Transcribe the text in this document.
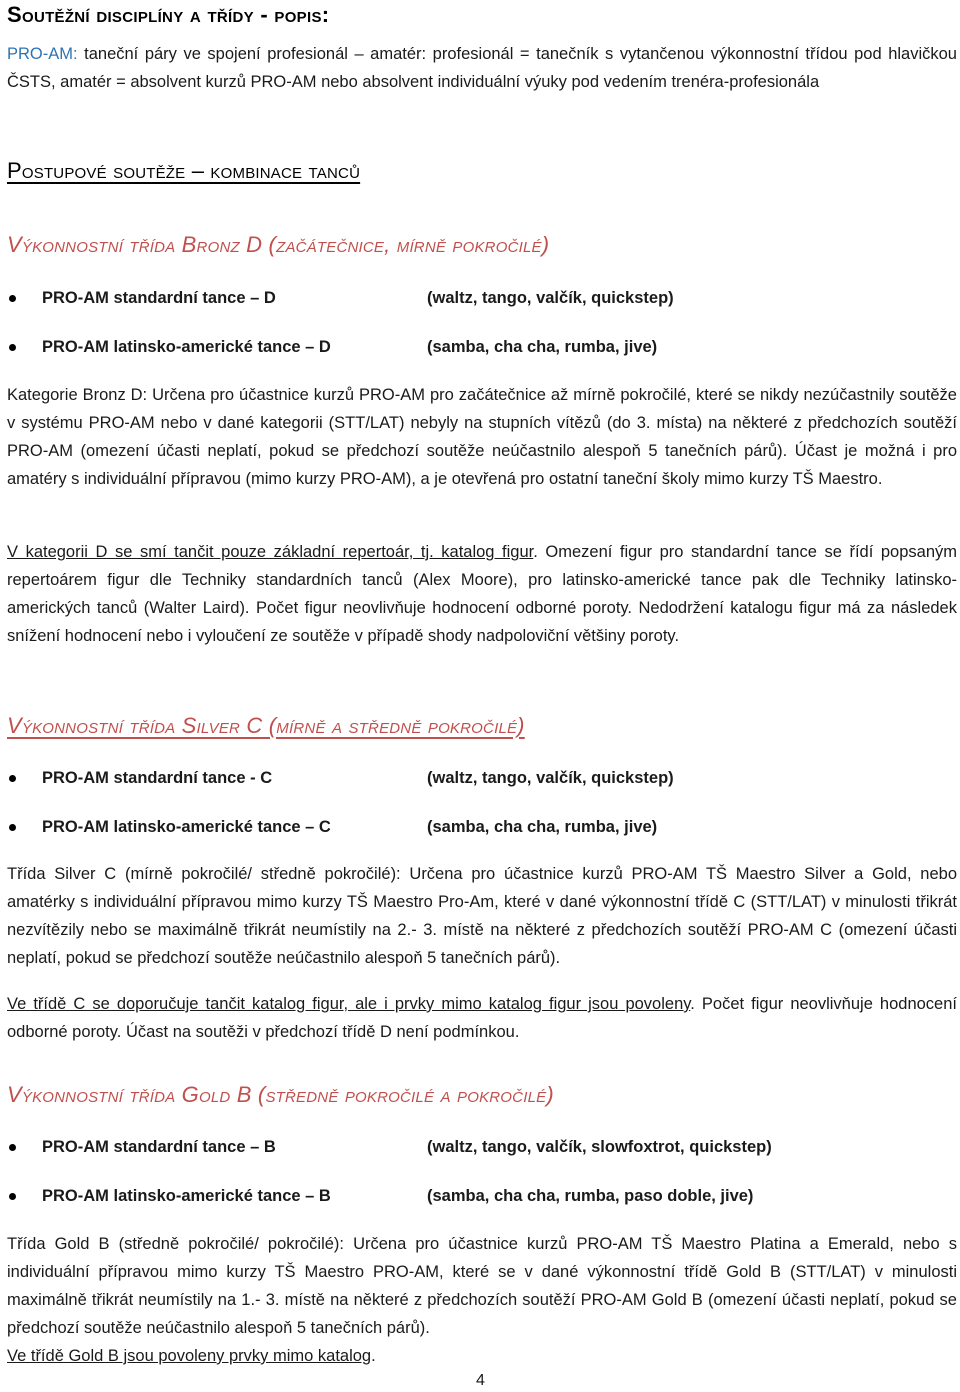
Soutěžní disciplíny a třídy - popis:

PRO-AM: taneční páry ve spojení profesionál – amatér: profesionál = tanečník s vytančenou výkonnostní třídou pod hlavičkou ČSTS, amatér = absolvent kurzů PRO-AM nebo absolvent individuální výuky pod vedením trenéra-profesionála

Postupové soutěže – kombinace tanců
Výkonnostní třída Bronz D (začátečnice, mírně pokročilé)
PRO-AM standardní tance – D	(waltz, tango, valčík, quickstep)
PRO-AM latinsko-americké tance – D	(samba, cha cha, rumba, jive)

Kategorie Bronz D: Určena pro účastnice kurzů PRO-AM pro začátečnice až mírně pokročilé, které se nikdy nezúčastnily soutěže v systému PRO-AM nebo v dané kategorii (STT/LAT) nebyly na stupních vítězů (do 3. místa) na některé z předchozích soutěží PRO-AM (omezení účasti neplatí, pokud se předchozí soutěže neúčastnilo alespoň 5 tanečních párů). Účast je možná i pro amatéry s individuální přípravou (mimo kurzy PRO-AM), a je otevřená pro ostatní taneční školy mimo kurzy TŠ Maestro.

V kategorii D se smí tančit pouze základní repertoár, tj. katalog figur. Omezení figur pro standardní tance se řídí popsaným repertoárem figur dle Techniky standardních tanců (Alex Moore), pro latinsko-americké tance pak dle Techniky latinsko-amerických tanců (Walter Laird). Počet figur neovlivňuje hodnocení odborné poroty. Nedodržení katalogu figur má za následek snížení hodnocení nebo i vyloučení ze soutěže v případě shody nadpoloviční většiny poroty.

Výkonnostní třída Silver C (mírně a středně pokročilé)
PRO-AM standardní tance - C	(waltz, tango, valčík, quickstep)
PRO-AM latinsko-americké tance – C	(samba, cha cha, rumba, jive)

Třída Silver C (mírně pokročilé/ středně pokročilé): Určena pro účastnice kurzů PRO-AM TŠ Maestro Silver a Gold, nebo amatérky s individuální přípravou mimo kurzy TŠ Maestro Pro-Am, které v dané výkonnostní třídě C (STT/LAT) v minulosti třikrát nezvítězily nebo se maximálně třikrát neumístily na 2.- 3. místě na některé z předchozích soutěží PRO-AM C (omezení účasti neplatí, pokud se předchozí soutěže neúčastnilo alespoň 5 tanečních párů).

Ve třídě C se doporučuje tančit katalog figur, ale i prvky mimo katalog figur jsou povoleny. Počet figur neovlivňuje hodnocení odborné poroty. Účast na soutěži v předchozí třídě D není podmínkou.

Výkonnostní třída Gold B (středně pokročilé a pokročilé)
PRO-AM standardní tance – B	(waltz, tango, valčík, slowfoxtrot, quickstep)
PRO-AM latinsko-americké tance – B	(samba, cha cha, rumba, paso doble, jive)

Třída Gold B (středně pokročilé/ pokročilé): Určena pro účastnice kurzů PRO-AM TŠ Maestro Platina a Emerald, nebo s individuální přípravou mimo kurzy TŠ Maestro PRO-AM, které se v dané výkonnostní třídě Gold B (STT/LAT) v minulosti maximálně třikrát neumístily na 1.- 3. místě na některé z předchozích soutěží PRO-AM Gold B (omezení účasti neplatí, pokud se předchozí soutěže neúčastnilo alespoň 5 tanečních párů).

Ve třídě Gold B jsou povoleny prvky mimo katalog.

4
